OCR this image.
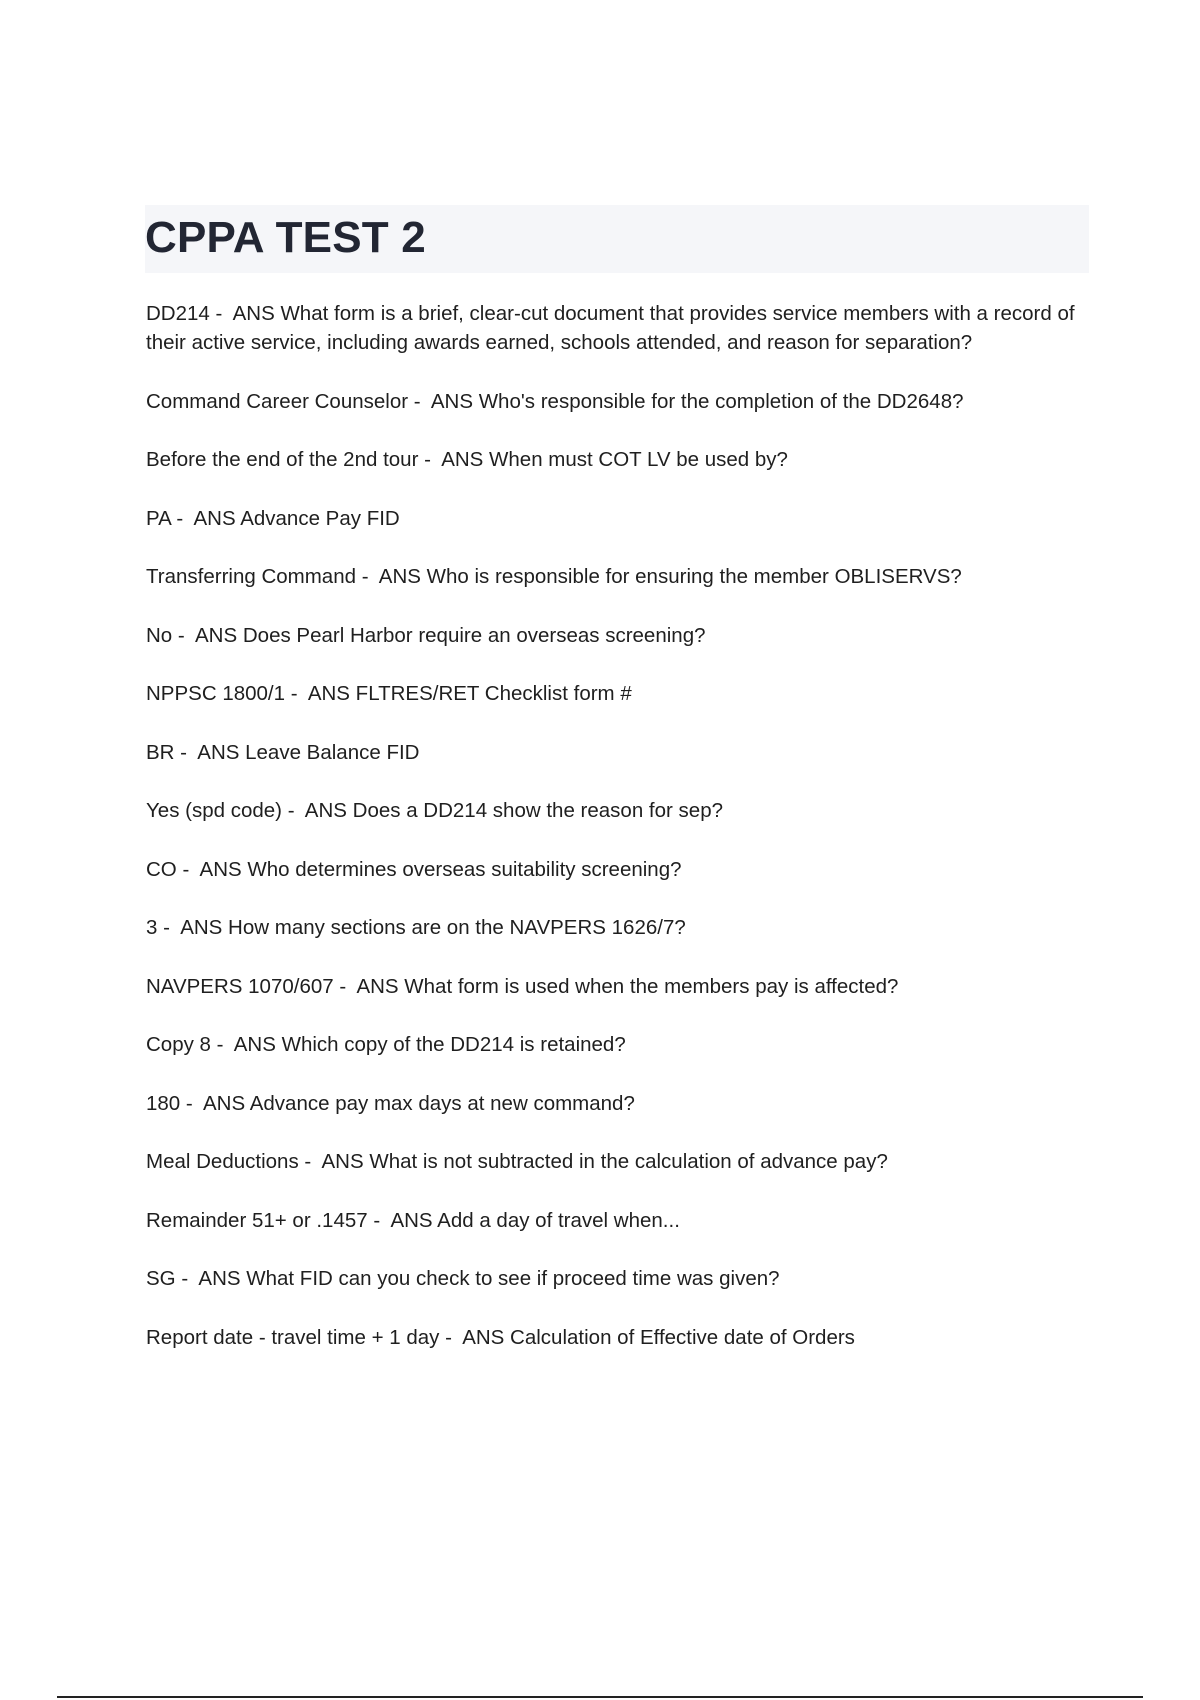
CPPA TEST 2
DD214 -  ANS What form is a brief, clear-cut document that provides service members with a record of their active service, including awards earned, schools attended, and reason for separation?
Command Career Counselor -  ANS Who's responsible for the completion of the DD2648?
Before the end of the 2nd tour -  ANS When must COT LV be used by?
PA -  ANS Advance Pay FID
Transferring Command -  ANS Who is responsible for ensuring the member OBLISERVS?
No -  ANS Does Pearl Harbor require an overseas screening?
NPPSC 1800/1 -  ANS FLTRES/RET Checklist form #
BR -  ANS Leave Balance FID
Yes (spd code) -  ANS Does a DD214 show the reason for sep?
CO -  ANS Who determines overseas suitability screening?
3 -  ANS How many sections are on the NAVPERS 1626/7?
NAVPERS 1070/607 -  ANS What form is used when the members pay is affected?
Copy 8 -  ANS Which copy of the DD214 is retained?
180 -  ANS Advance pay max days at new command?
Meal Deductions -  ANS What is not subtracted in the calculation of advance pay?
Remainder 51+ or .1457 -  ANS Add a day of travel when...
SG -  ANS What FID can you check to see if proceed time was given?
Report date - travel time + 1 day -  ANS Calculation of Effective date of Orders
